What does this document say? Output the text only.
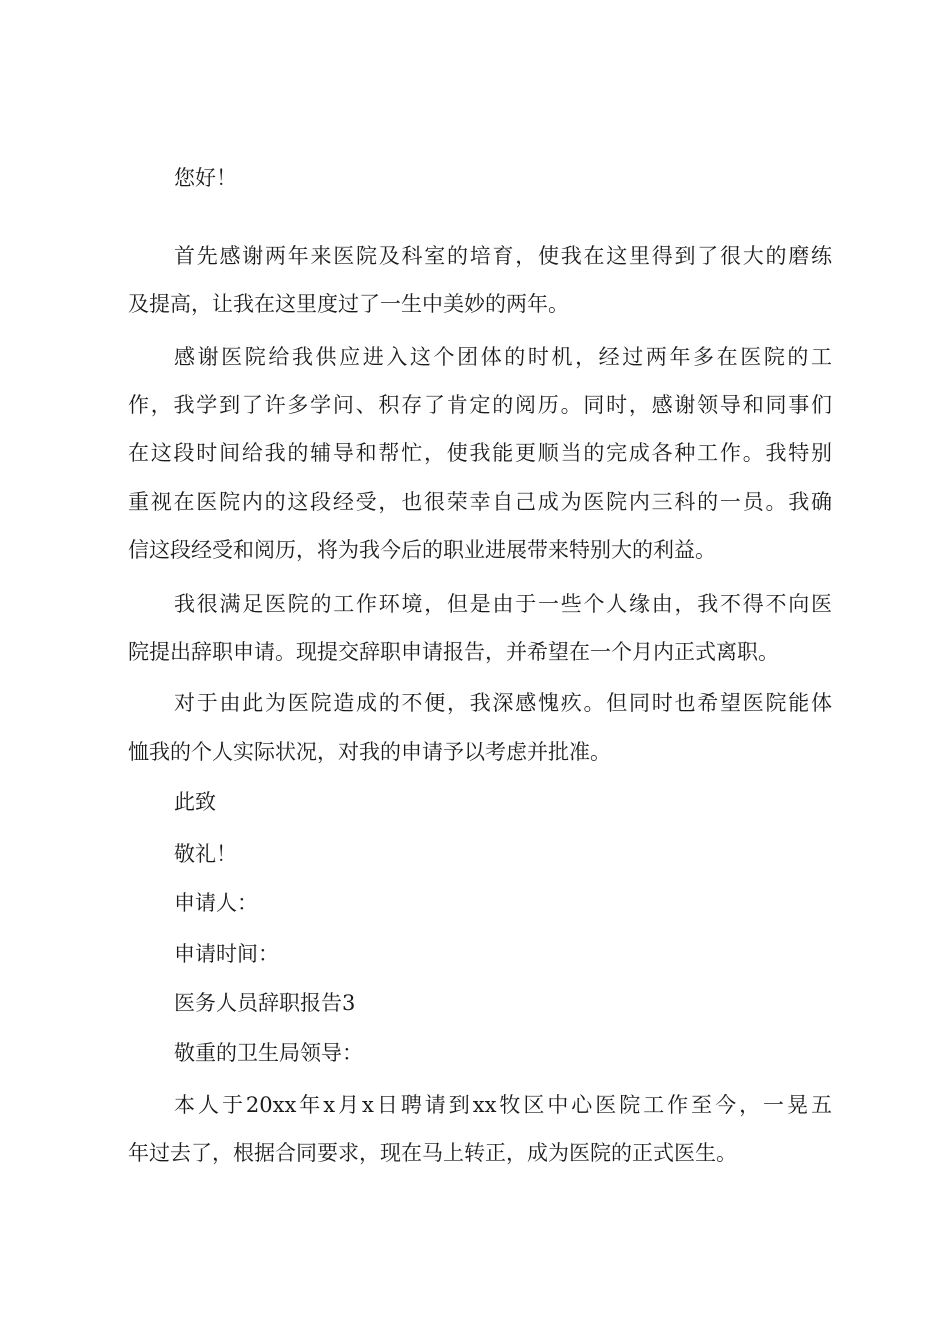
您好！
首先感谢两年来医院及科室的培育，使我在这里得到了很大的磨练
及提高，让我在这里度过了一生中美妙的两年。
感谢医院给我供应进入这个团体的时机，经过两年多在医院的工
作，我学到了许多学问、积存了肯定的阅历。同时，感谢领导和同事们
在这段时间给我的辅导和帮忙，使我能更顺当的完成各种工作。我特别
重视在医院内的这段经受，也很荣幸自己成为医院内三科的一员。我确
信这段经受和阅历，将为我今后的职业进展带来特别大的利益。
我很满足医院的工作环境，但是由于一些个人缘由，我不得不向医
院提出辞职申请。现提交辞职申请报告，并希望在一个月内正式离职。
对于由此为医院造成的不便，我深感愧疚。但同时也希望医院能体
恤我的个人实际状况，对我的申请予以考虑并批准。
此致
敬礼！
申请人：
申请时间：
医务人员辞职报告3
敬重的卫生局领导：
本人于20xx年x月x日聘请到xx牧区中心医院工作至今，一晃五
年过去了，根据合同要求，现在马上转正，成为医院的正式医生。
